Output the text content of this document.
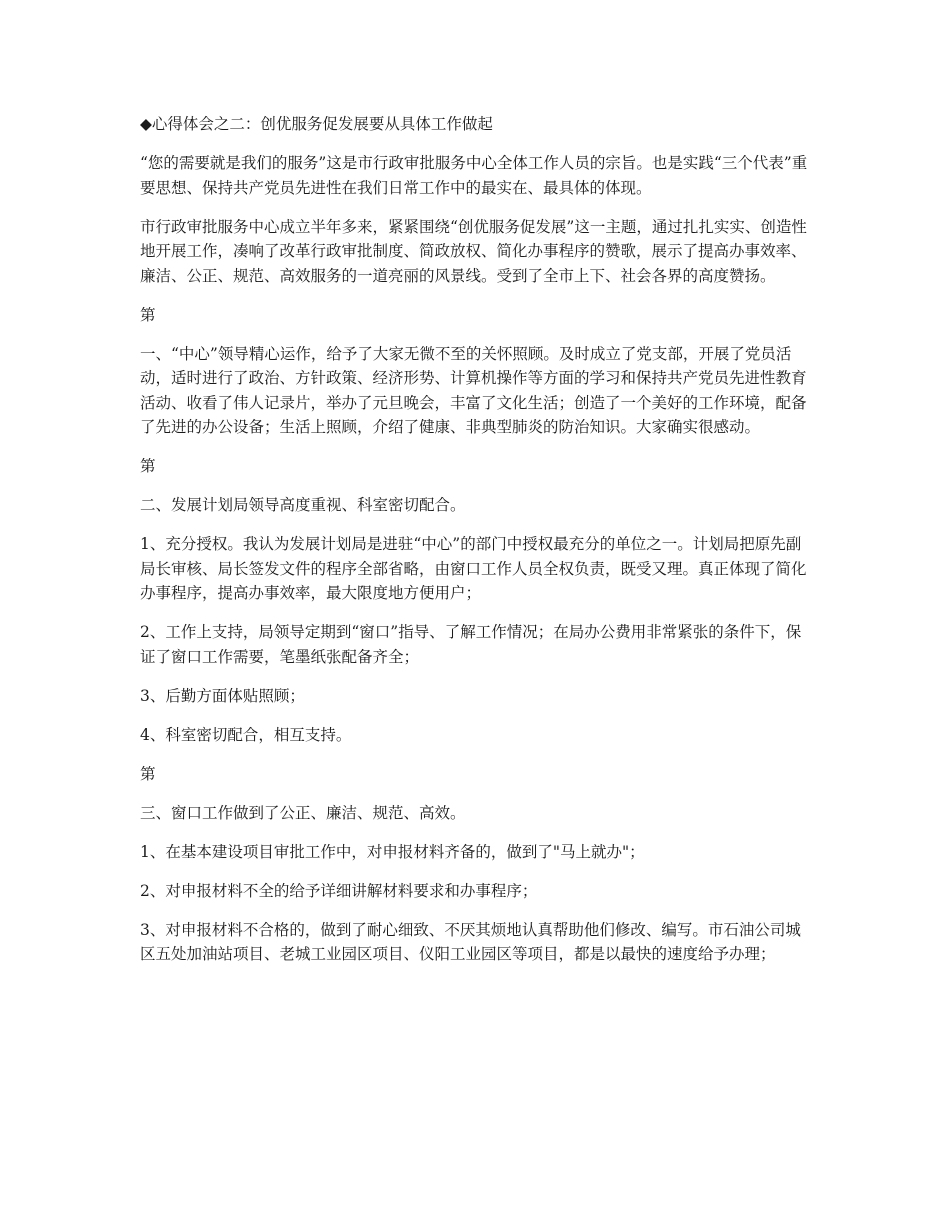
◆心得体会之二：创优服务促发展要从具体工作做起

“您的需要就是我们的服务”这是市行政审批服务中心全体工作人员的宗旨。也是实践“三个代表”重要思想、保持共产党员先进性在我们日常工作中的最实在、最具体的体现。

市行政审批服务中心成立半年多来，紧紧围绕“创优服务促发展”这一主题，通过扎扎实实、创造性地开展工作，凑响了改革行政审批制度、简政放权、简化办事程序的赞歌，展示了提高办事效率、廉洁、公正、规范、高效服务的一道亮丽的风景线。受到了全市上下、社会各界的高度赞扬。

第

一、“中心”领导精心运作，给予了大家无微不至的关怀照顾。及时成立了党支部，开展了党员活动，适时进行了政治、方针政策、经济形势、计算机操作等方面的学习和保持共产党员先进性教育活动、收看了伟人记录片，举办了元旦晚会，丰富了文化生活；创造了一个美好的工作环境，配备了先进的办公设备；生活上照顾，介绍了健康、非典型肺炎的防治知识。大家确实很感动。

第

二、发展计划局领导高度重视、科室密切配合。

1、充分授权。我认为发展计划局是进驻“中心”的部门中授权最充分的单位之一。计划局把原先副局长审核、局长签发文件的程序全部省略，由窗口工作人员全权负责，既受又理。真正体现了简化办事程序，提高办事效率，最大限度地方便用户；

2、工作上支持，局领导定期到“窗口”指导、了解工作情况；在局办公费用非常紧张的条件下，保证了窗口工作需要，笔墨纸张配备齐全；

3、后勤方面体贴照顾；

4、科室密切配合，相互支持。

第

三、窗口工作做到了公正、廉洁、规范、高效。

1、在基本建设项目审批工作中，对申报材料齐备的，做到了"马上就办"；

2、对申报材料不全的给予详细讲解材料要求和办事程序；

3、对申报材料不合格的，做到了耐心细致、不厌其烦地认真帮助他们修改、编写。市石油公司城区五处加油站项目、老城工业园区项目、仪阳工业园区等项目，都是以最快的速度给予办理；
